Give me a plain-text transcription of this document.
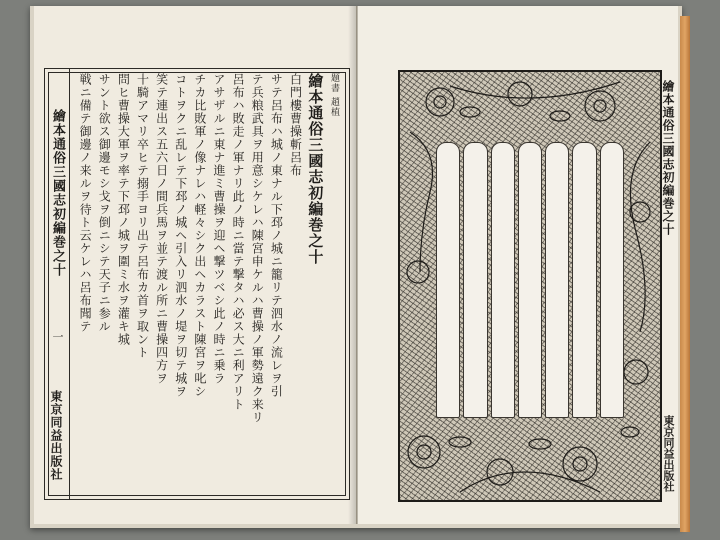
繪本通俗三國志初編巻之十
一
東京同益出版社
題書 趙植
繪本通俗三國志初編巻之十
白門樓曹操斬呂布
サテ呂布ハ城ノ東ナル下邳ノ城ニ籠リテ泗水ノ流レヲ引
テ兵粮武具ヲ用意シケレハ陳宮申ケルハ曹操ノ軍勢遠ク来リ
呂布ハ敗走ノ軍ナリ此ノ時ニ當テ撃タハ必ス大ニ利アリト
アサザルニ東ナ進ミ曹操ヲ迎ヘ撃ツベシ此ノ時ニ乗ラ
チカ比敗軍ノ像ナレハ軽々シク出ヘカラスト陳宮ヲ叱シ
コトヲクニ乱レテ下邳ノ城ヘ引入リ泗水ノ堤ヲ切テ城ヲ
笑テ連出ス五六日ノ間兵馬ヲ並テ渡ル所ニ曹操四方ヲ
十騎アマリ卒ヒテ搦手ヨリ出テ呂布カ首ヲ取ント
問ヒ曹操大軍ヲ率テ下邳ノ城ヲ圍ミ水ヲ灌キ城
サント欲ス御邊モシ戈ヲ倒ニシテ天子ニ参ル
戦ニ備テ御邊ノ来ルヲ待ト云ケレハ呂布聞テ	繪本通俗三國志初編巻之十
東京同益出版社
